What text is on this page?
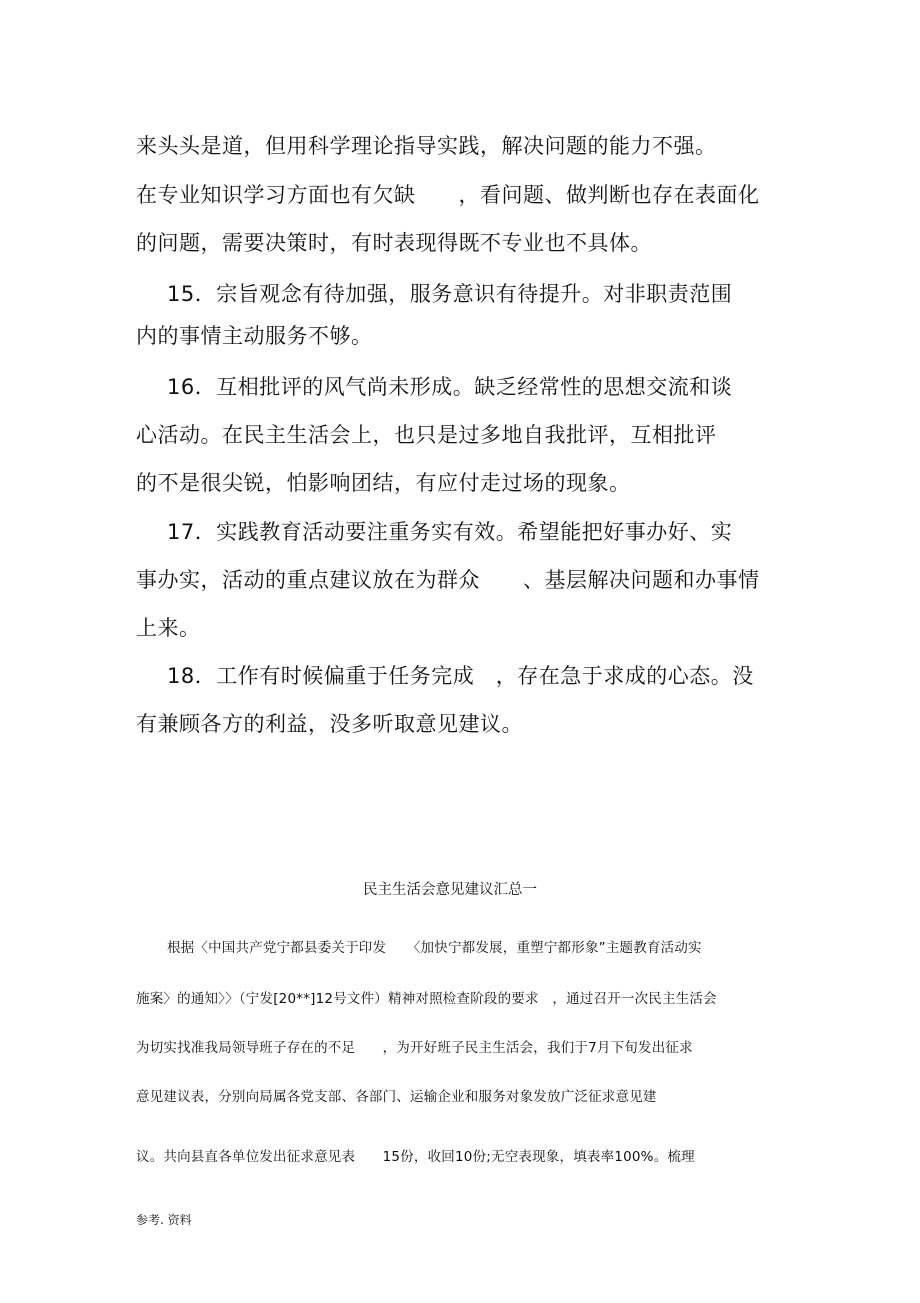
来头头是道，但用科学理论指导实践，解决问题的能力不强。

在专业知识学习方面也有欠缺　　，看问题、做判断也存在表面化

的问题，需要决策时，有时表现得既不专业也不具体。

15．宗旨观念有待加强，服务意识有待提升。对非职责范围

内的事情主动服务不够。

16．互相批评的风气尚未形成。缺乏经常性的思想交流和谈

心活动。在民主生活会上，也只是过多地自我批评，互相批评

的不是很尖锐，怕影响团结，有应付走过场的现象。

17．实践教育活动要注重务实有效。希望能把好事办好、实

事办实，活动的重点建议放在为群众　　、基层解决问题和办事情

上来。

18．工作有时候偏重于任务完成　，存在急于求成的心态。没

有兼顾各方的利益，没多听取意见建议。

民主生活会意见建议汇总一

根据〈中国共产党宁都县委关于印发　　〈加快宁都发展，重塑宁都形象”主题教育活动实

施案〉的通知〉〉（宁发[20**]12号文件）精神对照检查阶段的要求　，通过召开一次民主生活会

为切实找准我局领导班子存在的不足　　，为开好班子民主生活会，我们于7月下旬发出征求

意见建议表，分别向局属各党支部、各部门、运输企业和服务对象发放广泛征求意见建

议。共向县直各单位发出征求意见表　　15份，收回10份;无空表现象，填表率100%。梳理

参考. 资料
